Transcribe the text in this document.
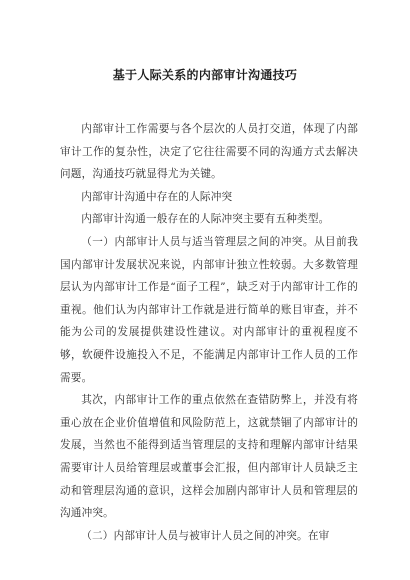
基于人际关系的内部审计沟通技巧

内部审计工作需要与各个层次的人员打交道，体现了内部审计工作的复杂性，决定了它往往需要不同的沟通方式去解决问题，沟通技巧就显得尤为关键。

内部审计沟通中存在的人际冲突

内部审计沟通一般存在的人际冲突主要有五种类型。

（一）内部审计人员与适当管理层之间的冲突。从目前我国内部审计发展状况来说，内部审计独立性较弱。大多数管理层认为内部审计工作是“面子工程”，缺乏对于内部审计工作的重视。他们认为内部审计工作就是进行简单的账目审查，并不能为公司的发展提供建设性建议。对内部审计的重视程度不够，软硬件设施投入不足，不能满足内部审计工作人员的工作需要。

其次，内部审计工作的重点依然在查错防弊上，并没有将重心放在企业价值增值和风险防范上，这就禁锢了内部审计的发展，当然也不能得到适当管理层的支持和理解内部审计结果需要审计人员给管理层或董事会汇报，但内部审计人员缺乏主动和管理层沟通的意识，这样会加剧内部审计人员和管理层的沟通冲突。

（二）内部审计人员与被审计人员之间的冲突。在审
